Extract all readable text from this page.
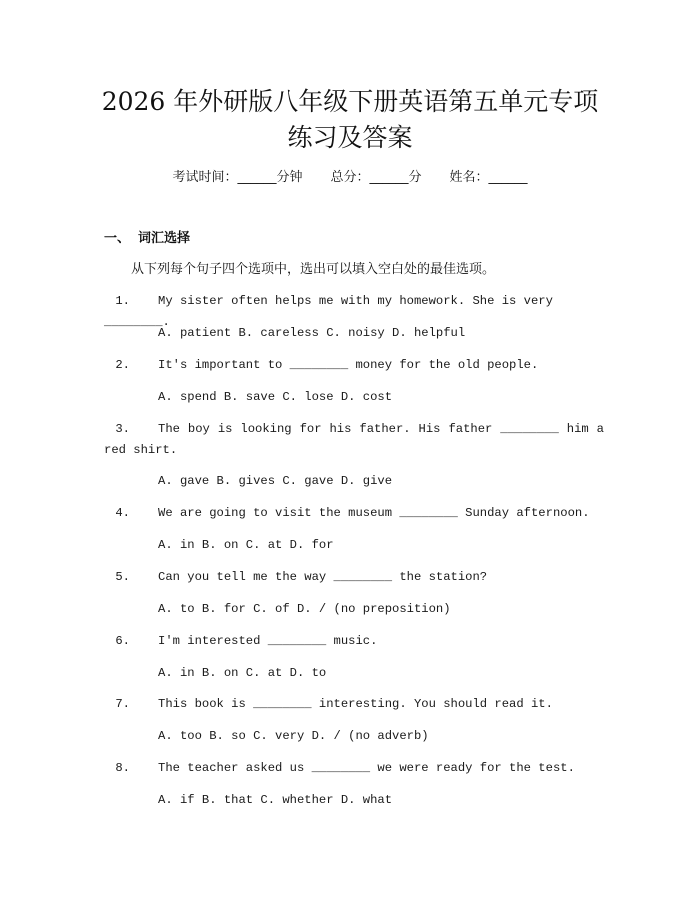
2026 年外研版八年级下册英语第五单元专项
练习及答案
考试时间：______分钟 总分：______分 姓名：______
一、 词汇选择
从下列每个句子四个选项中，选出可以填入空白处的最佳选项。
1. My sister often helps me with my homework. She is very ________.
A. patient B. careless C. noisy D. helpful
2. It's important to ________ money for the old people.
A. spend B. save C. lose D. cost
3. The boy is looking for his father. His father ________ him a red shirt.
A. gave B. gives C. gave D. give
4. We are going to visit the museum ________ Sunday afternoon.
A. in B. on C. at D. for
5. Can you tell me the way ________ the station?
A. to B. for C. of D. / (no preposition)
6. I'm interested ________ music.
A. in B. on C. at D. to
7. This book is ________ interesting. You should read it.
A. too B. so C. very D. / (no adverb)
8. The teacher asked us ________ we were ready for the test.
A. if B. that C. whether D. what
